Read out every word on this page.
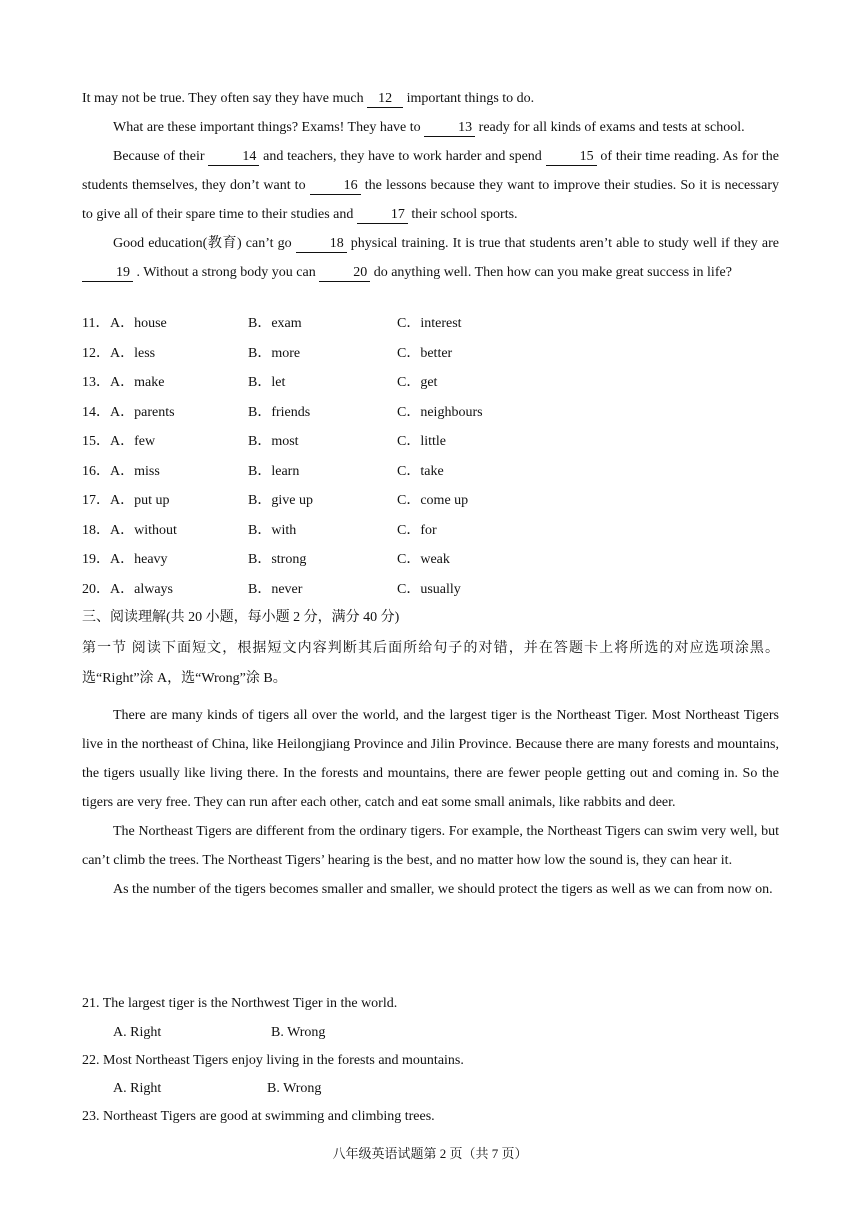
It may not be true. They often say they have much 12 important things to do.
What are these important things? Exams! They have to 13 ready for all kinds of exams and tests at school.
Because of their 14 and teachers, they have to work harder and spend 15 of their time reading. As for the students themselves, they don’t want to 16 the lessons because they want to improve their studies. So it is necessary to give all of their spare time to their studies and 17 their school sports.
Good education(教育) can’t go 18 physical training. It is true that students aren’t able to study well if they are 19 . Without a strong body you can 20 do anything well. Then how can you make great success in life?
11． A．house	B．exam	C．interest
12． A．less	B．more	C．better
13． A．make	B．let	C．get
14． A．parents	B．friends	C．neighbours
15． A．few	B．most	C．little
16． A．miss	B．learn	C．take
17． A．put up	B．give up	C．come up
18． A．without	B．with	C．for
19． A．heavy	B．strong	C．weak
20． A．always	B．never	C．usually
三、阅读理解(共 20 小题，每小题 2 分，满分 40 分)
第一节 阅读下面短文，根据短文内容判断其后面所给句子的对错，并在答题卡上将所选的对应选项涂黑。选“Right”涂 A，选“Wrong”涂 B。
There are many kinds of tigers all over the world, and the largest tiger is the Northeast Tiger. Most Northeast Tigers live in the northeast of China, like Heilongjiang Province and Jilin Province. Because there are many forests and mountains, the tigers usually like living there. In the forests and mountains, there are fewer people getting out and coming in. So the tigers are very free. They can run after each other, catch and eat some small animals, like rabbits and deer.
The Northeast Tigers are different from the ordinary tigers. For example, the Northeast Tigers can swim very well, but can’t climb the trees. The Northeast Tigers’ hearing is the best, and no matter how low the sound is, they can hear it.
As the number of the tigers becomes smaller and smaller, we should protect the tigers as well as we can from now on.
21. The largest tiger is the Northwest Tiger in the world.
A. Right	B. Wrong
22. Most Northeast Tigers enjoy living in the forests and mountains.
A. Right	B. Wrong
23. Northeast Tigers are good at swimming and climbing trees.
八年级英语试题第 2 页（共 7 页）
